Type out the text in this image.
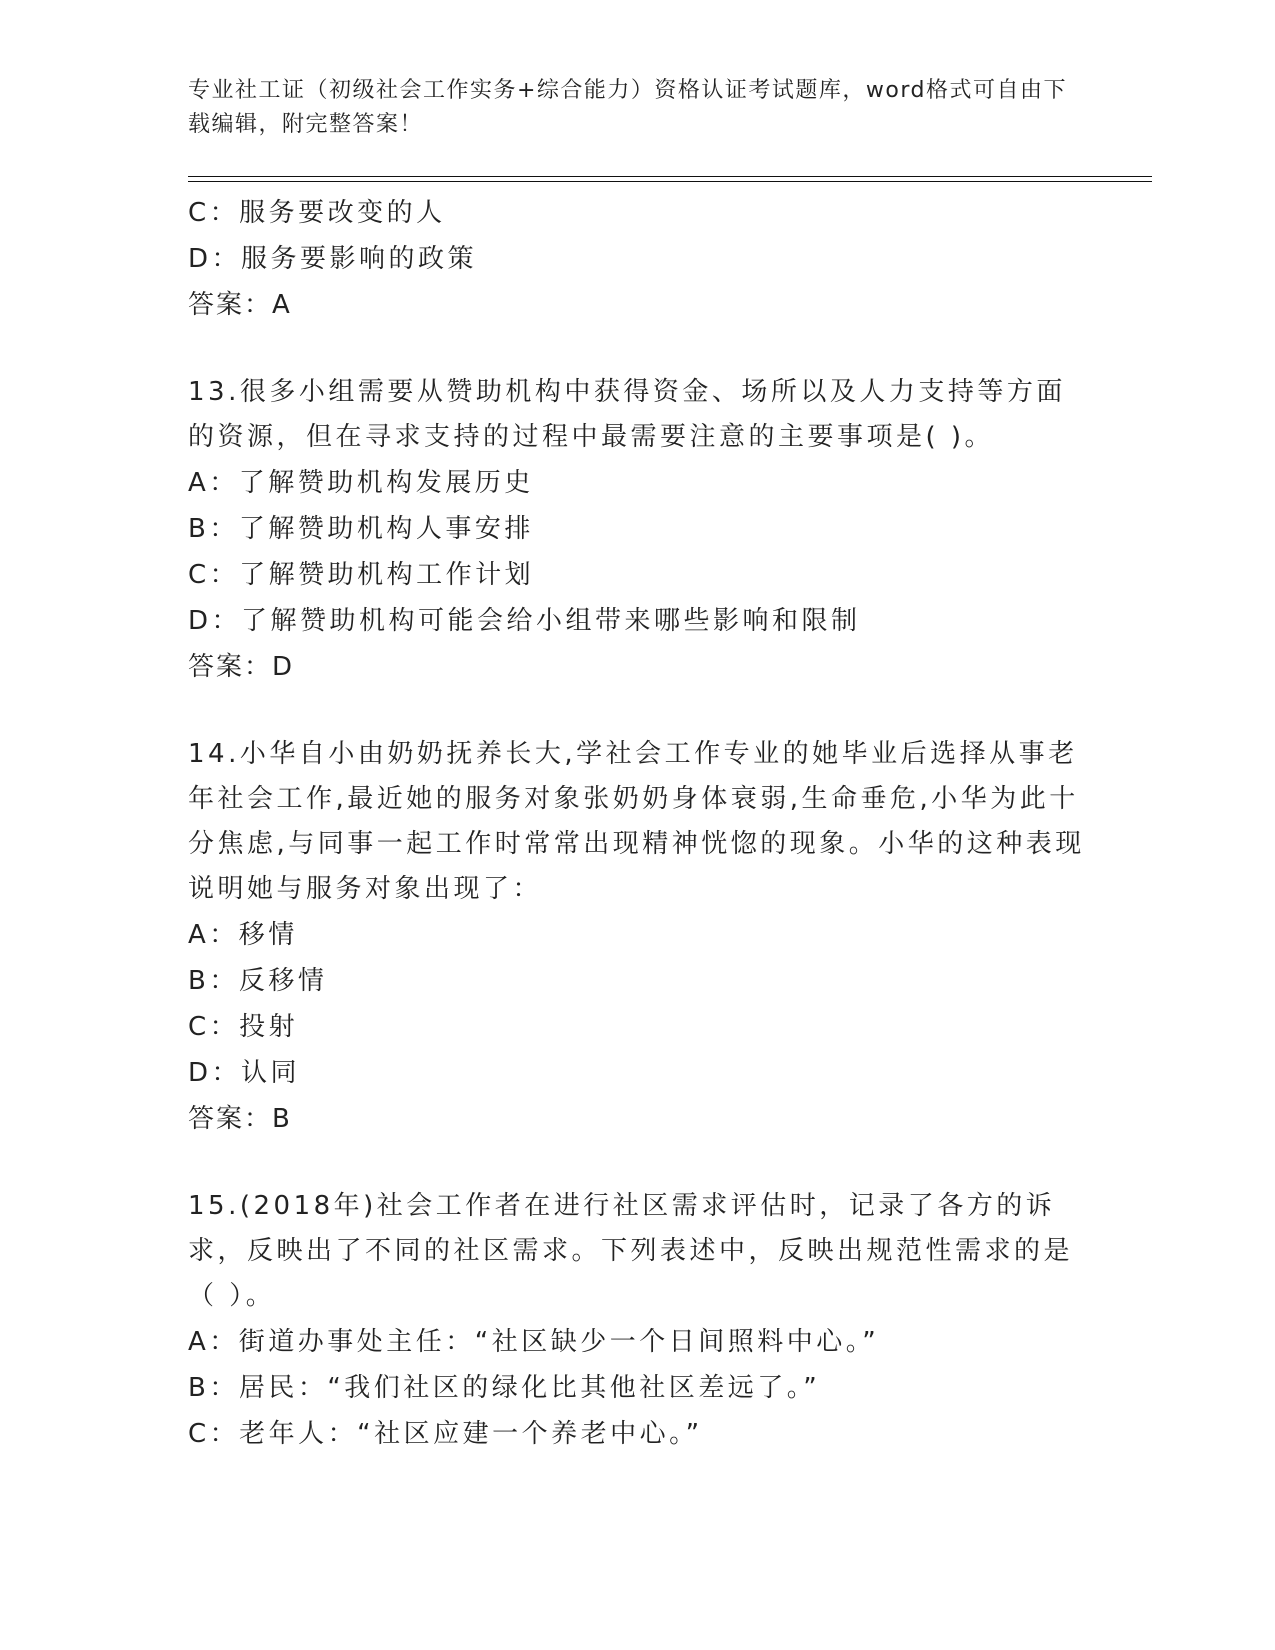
专业社工证（初级社会工作实务+综合能力）资格认证考试题库，word格式可自由下载编辑，附完整答案！
C：服务要改变的人
D：服务要影响的政策
答案：A
13.很多小组需要从赞助机构中获得资金、场所以及人力支持等方面的资源，但在寻求支持的过程中最需要注意的主要事项是( )。
A：了解赞助机构发展历史
B：了解赞助机构人事安排
C：了解赞助机构工作计划
D：了解赞助机构可能会给小组带来哪些影响和限制
答案：D
14.小华自小由奶奶抚养长大,学社会工作专业的她毕业后选择从事老年社会工作,最近她的服务对象张奶奶身体衰弱,生命垂危,小华为此十分焦虑,与同事一起工作时常常出现精神恍惚的现象。小华的这种表现说明她与服务对象出现了：
A：移情
B：反移情
C：投射
D：认同
答案：B
15.(2018年)社会工作者在进行社区需求评估时，记录了各方的诉求，反映出了不同的社区需求。下列表述中，反映出规范性需求的是（ ）。
A：街道办事处主任：“社区缺少一个日间照料中心。”
B：居民：“我们社区的绿化比其他社区差远了。”
C：老年人：“社区应建一个养老中心。”
